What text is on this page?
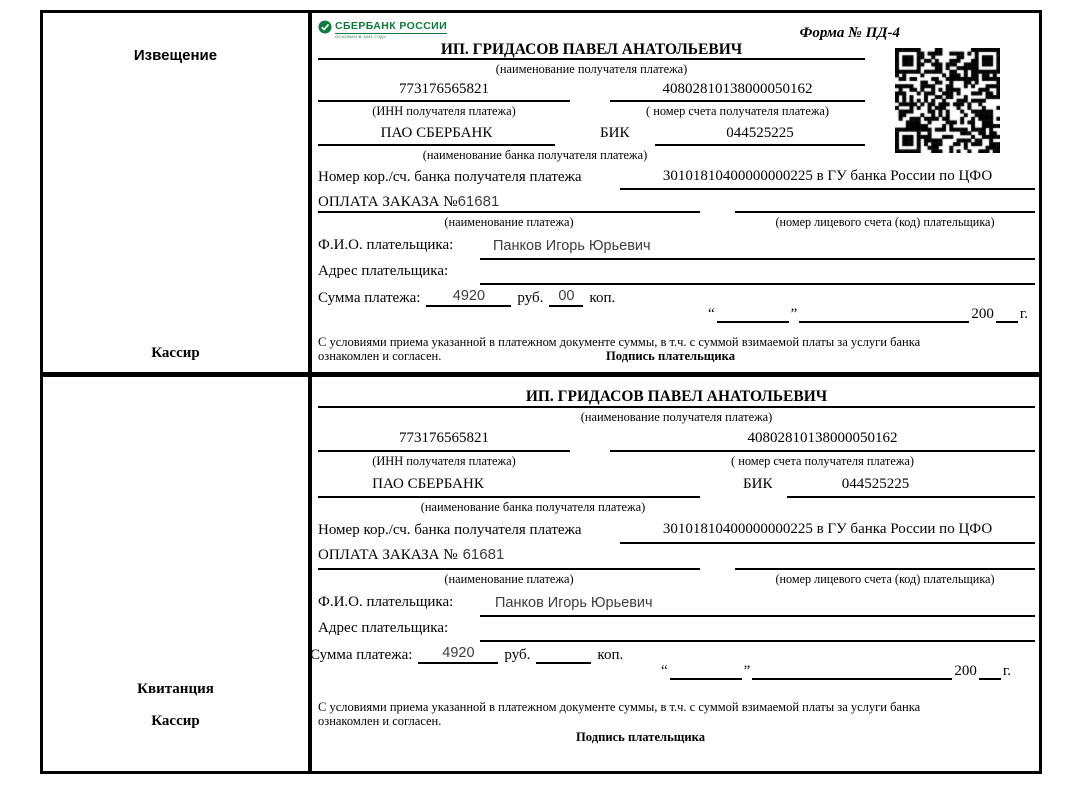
Извещение
Кассир
Квитанция
Кассир
СБЕРБАНК РОССИИ
ОСНОВАН В 1841 ГОДУ	Форма № ПД-4
ИП. ГРИДАСОВ ПАВЕЛ АНАТОЛЬЕВИЧ
(наименование получателя платежа)
773176565821	40802810138000050162
(ИНН получателя платежа)	( номер счета получателя платежа)
ПАО СБЕРБАНК	БИК	044525225
(наименование банка получателя платежа)
Номер кор./сч. банка получателя платежа	30101810400000000225 в ГУ банка России по ЦФО
ОПЛАТА ЗАКАЗА №61681
(наименование платежа)	(номер лицевого счета (код) плательщика)
Ф.И.О. плательщика:	Панков Игорь Юрьевич
Адрес плательщика:
Сумма платежа:	4920	руб.	00 коп.
“	”	200 г.
С условиями приема указанной в платежном документе суммы, в т.ч. с суммой взимаемой платы за услуги банка
ознакомлен и согласен.	Подпись плательщика
ИП. ГРИДАСОВ ПАВЕЛ АНАТОЛЬЕВИЧ
(наименование получателя платежа)
773176565821	40802810138000050162
(ИНН получателя платежа)	( номер счета получателя платежа)
ПАО СБЕРБАНК	БИК	044525225
(наименование банка получателя платежа)
Номер кор./сч. банка получателя платежа	30101810400000000225 в ГУ банка России по ЦФО
ОПЛАТА ЗАКАЗА № 61681
(наименование платежа)	(номер лицевого счета (код) плательщика)
Ф.И.О. плательщика:	Панков Игорь Юрьевич
Адрес плательщика:
Сумма платежа:	4920	руб.	коп.
“	”	200 г.
С условиями приема указанной в платежном документе суммы, в т.ч. с суммой взимаемой платы за услуги банка
ознакомлен и согласен.
Подпись плательщика
